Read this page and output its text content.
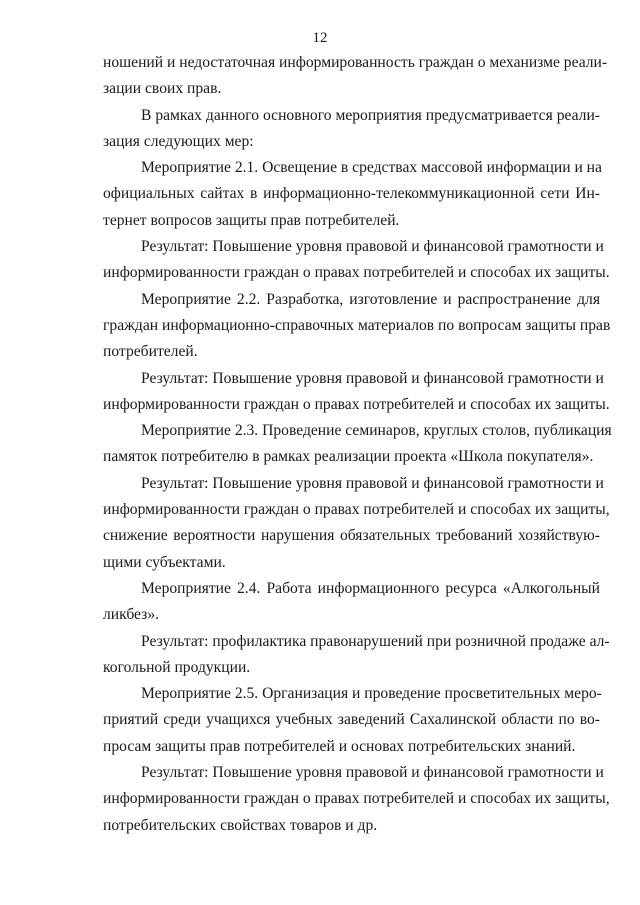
12
ношений и недостаточная информированность граждан о механизме реали-
зации своих прав.
В рамках данного основного мероприятия предусматривается реали-
зация следующих мер:
Мероприятие 2.1. Освещение в средствах массовой информации и на
официальных сайтах в информационно-телекоммуникационной сети Ин-
тернет вопросов защиты прав потребителей.
Результат: Повышение уровня правовой и финансовой грамотности и
информированности граждан о правах потребителей и способах их защиты.
Мероприятие 2.2. Разработка, изготовление и распространение для
граждан информационно-справочных материалов по вопросам защиты прав
потребителей.
Результат: Повышение уровня правовой и финансовой грамотности и
информированности граждан о правах потребителей и способах их защиты.
Мероприятие 2.3. Проведение семинаров, круглых столов, публикация
памяток потребителю в рамках реализации проекта «Школа покупателя».
Результат: Повышение уровня правовой и финансовой грамотности и
информированности граждан о правах потребителей и способах их защиты,
снижение вероятности нарушения обязательных требований хозяйствую-
щими субъектами.
Мероприятие 2.4. Работа информационного ресурса «Алкогольный
ликбез».
Результат: профилактика правонарушений при розничной продаже ал-
когольной продукции.
Мероприятие 2.5. Организация и проведение просветительных меро-
приятий среди учащихся учебных заведений Сахалинской области по во-
просам защиты прав потребителей и основах потребительских знаний.
Результат: Повышение уровня правовой и финансовой грамотности и
информированности граждан о правах потребителей и способах их защиты,
потребительских свойствах товаров и др.
